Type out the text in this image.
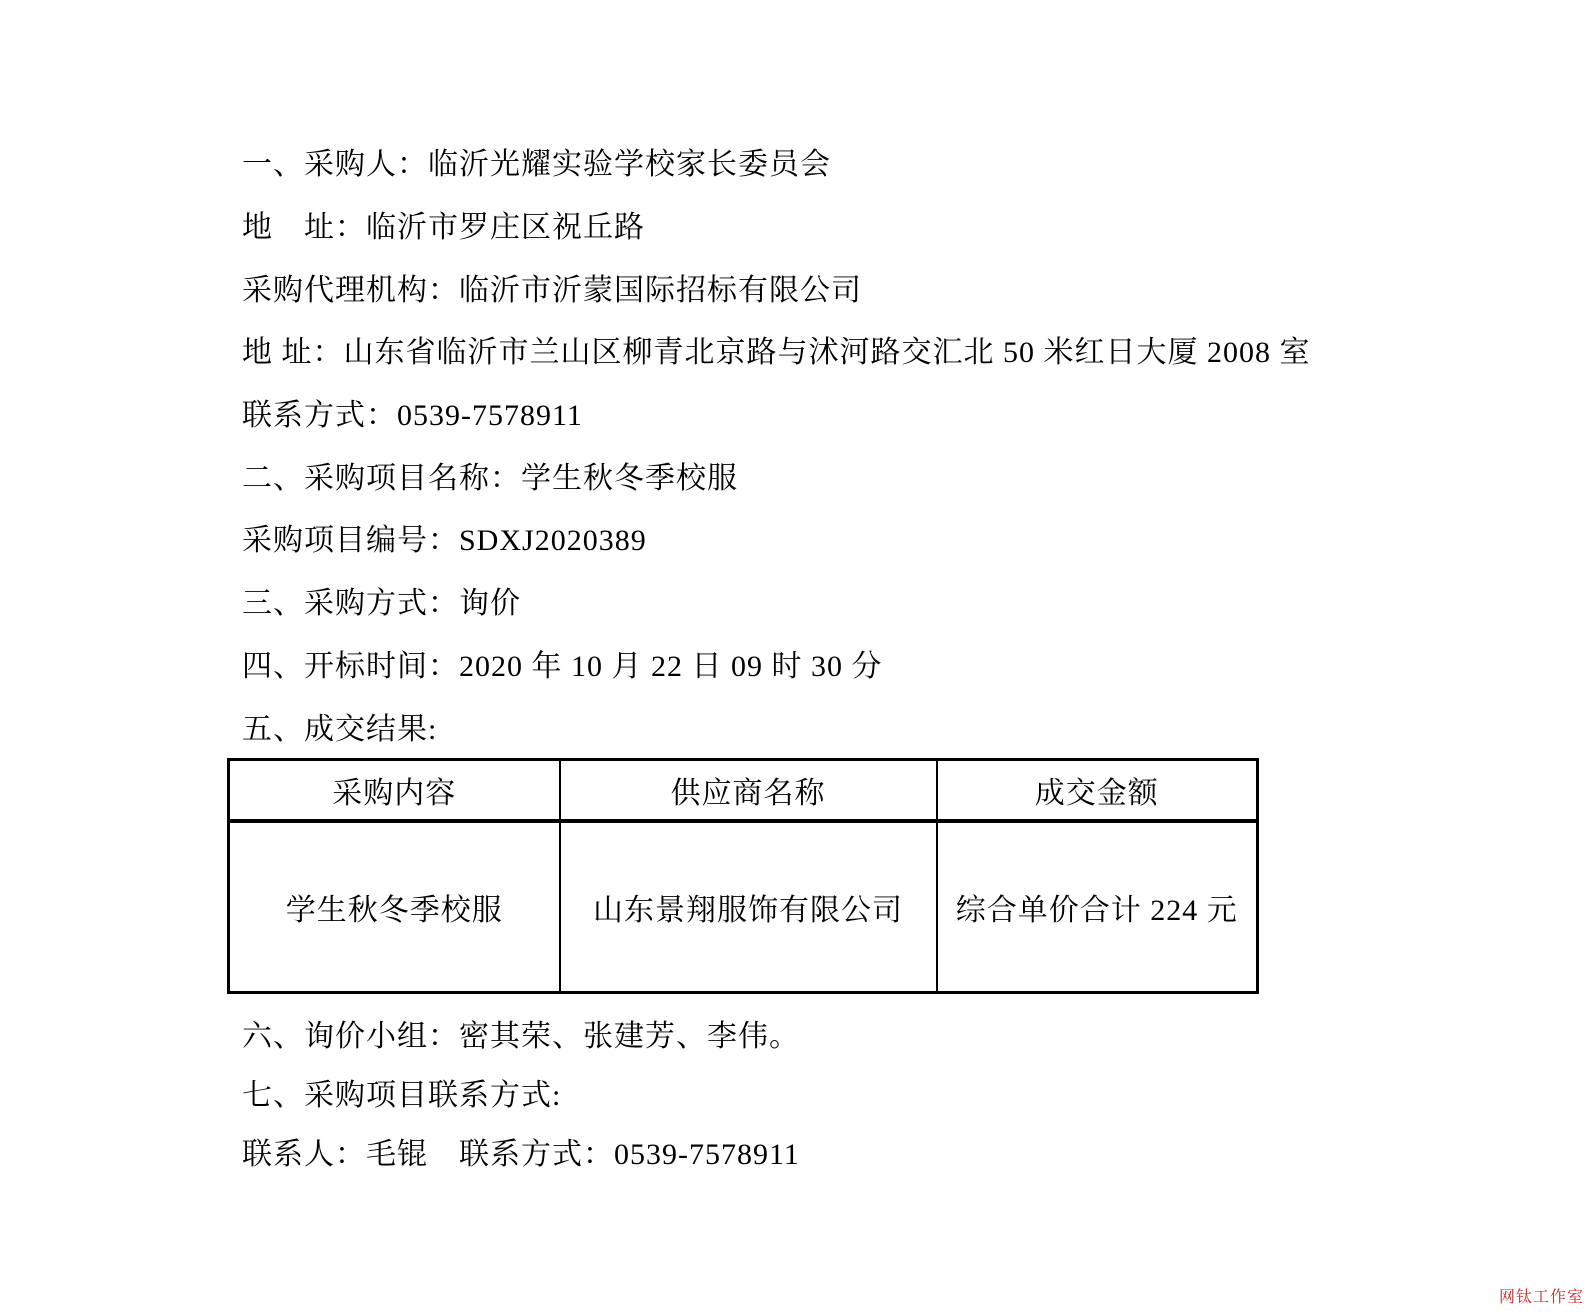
一、采购人：临沂光耀实验学校家长委员会

地　址：临沂市罗庄区祝丘路

采购代理机构：临沂市沂蒙国际招标有限公司

地 址：山东省临沂市兰山区柳青北京路与沭河路交汇北 50 米红日大厦 2008 室

联系方式：0539-7578911

二、采购项目名称：学生秋冬季校服

采购项目编号：SDXJ2020389

三、采购方式：询价

四、开标时间：2020 年 10 月 22 日 09 时 30 分

五、成交结果:

采购内容	供应商名称	成交金额
学生秋冬季校服	山东景翔服饰有限公司	综合单价合计 224 元

六、询价小组：密其荣、张建芳、李伟。

七、采购项目联系方式:

联系人：毛锟　联系方式：0539-7578911

网钛工作室
